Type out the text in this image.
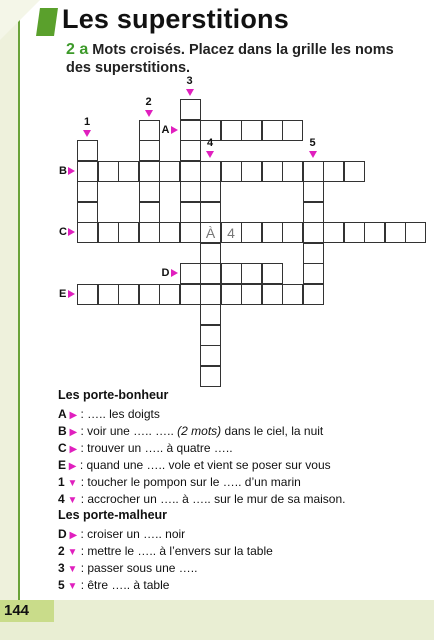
Les superstitions
2 a Mots croisés. Placez dans la grille les noms des superstitions.
À 4
1
2
3
4	5
A
B
C
D
E
Les porte-bonheur
A ▶ : ….. les doigts
B ▶ : voir une ….. ….. (2 mots) dans le ciel, la nuit
C ▶ : trouver un ….. à quatre …..
E ▶ : quand une ….. vole et vient se poser sur vous
1 ▼ : toucher le pompon sur le ….. d’un marin
4 ▼ : accrocher un ….. à ….. sur le mur de sa maison.
Les porte-malheur
D ▶ : croiser un ….. noir
2 ▼ : mettre le ….. à l’envers sur la table
3 ▼ : passer sous une …..
5 ▼ : être ….. à table
144
